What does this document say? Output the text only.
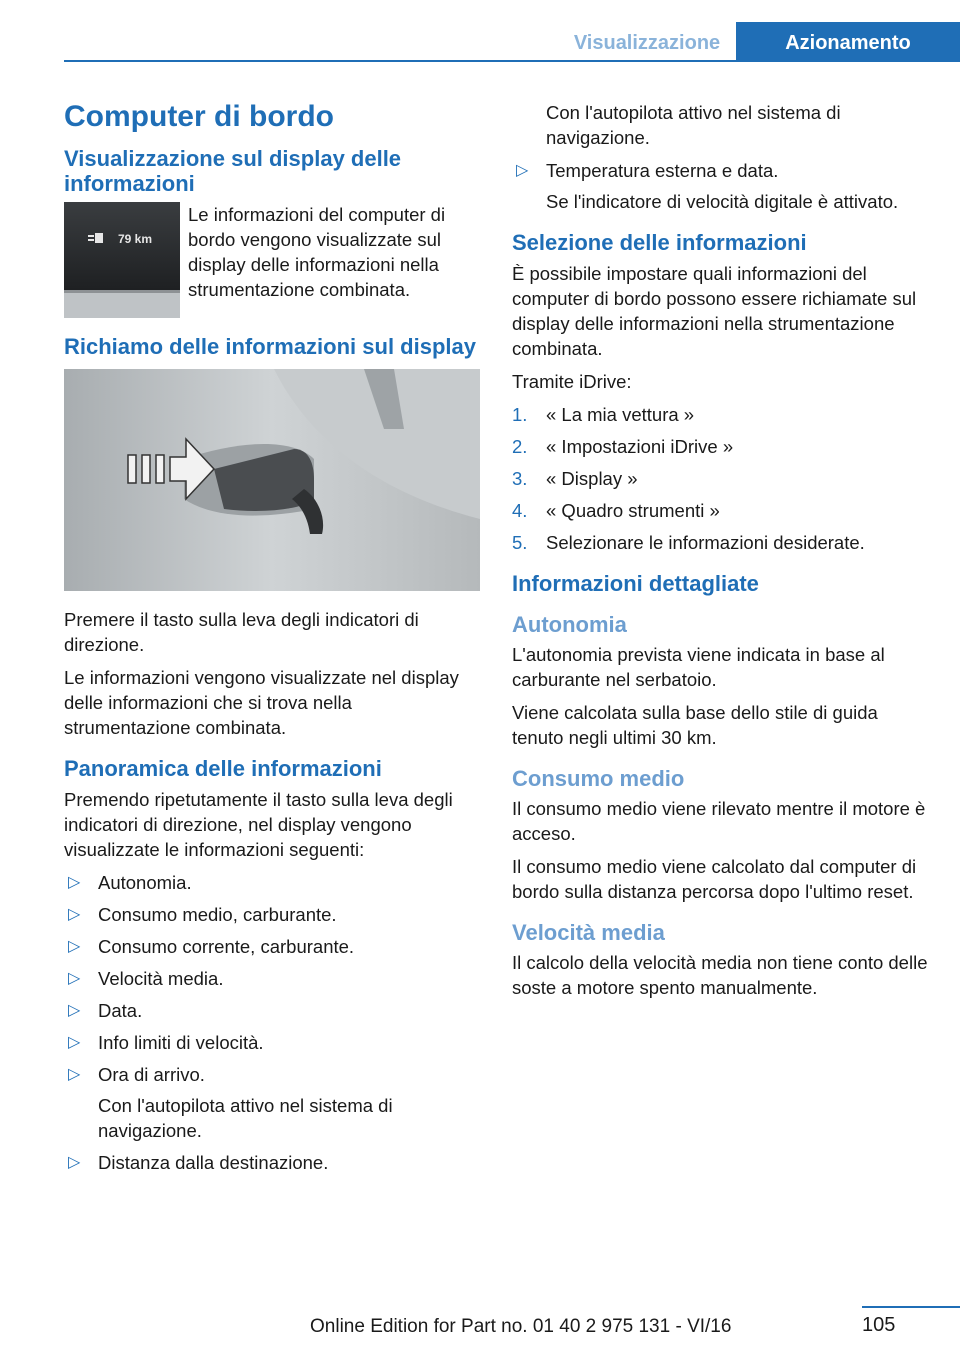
Visualizzazione	Azionamento
Computer di bordo
Visualizzazione sul display delle informazioni
79 km

Le informazioni del computer di bordo vengono visualizzate sul display delle informazioni nella strumentazione combinata.

Richiamo delle informazioni sul display

Premere il tasto sulla leva degli indicatori di direzione.

Le informazioni vengono visualizzate nel display delle informazioni che si trova nella strumentazione combinata.

Panoramica delle informazioni

Premendo ripetutamente il tasto sulla leva degli indicatori di direzione, nel display vengono visualizzate le informazioni seguenti:

▷ Autonomia.
▷ Consumo medio, carburante.
▷ Consumo corrente, carburante.
▷ Velocità media.
▷ Data.
▷ Info limiti di velocità.
▷ Ora di arrivo.
Con l'autopilota attivo nel sistema di navigazione.
▷ Distanza dalla destinazione.

Con l'autopilota attivo nel sistema di navigazione.

▷ Temperatura esterna e data.
Se l'indicatore di velocità digitale è attivato.
Selezione delle informazioni

È possibile impostare quali informazioni del computer di bordo possono essere richiamate sul display delle informazioni nella strumentazione combinata.

Tramite iDrive:

1. « La mia vettura »
2. « Impostazioni iDrive »
3. « Display »
4. « Quadro strumenti »
5. Selezionare le informazioni desiderate.
Informazioni dettagliate
Autonomia

L'autonomia prevista viene indicata in base al carburante nel serbatoio.

Viene calcolata sulla base dello stile di guida tenuto negli ultimi 30 km.

Consumo medio

Il consumo medio viene rilevato mentre il motore è acceso.

Il consumo medio viene calcolato dal computer di bordo sulla distanza percorsa dopo l'ultimo reset.

Velocità media

Il calcolo della velocità media non tiene conto delle soste a motore spento manualmente.

105
Online Edition for Part no. 01 40 2 975 131 - VI/16
